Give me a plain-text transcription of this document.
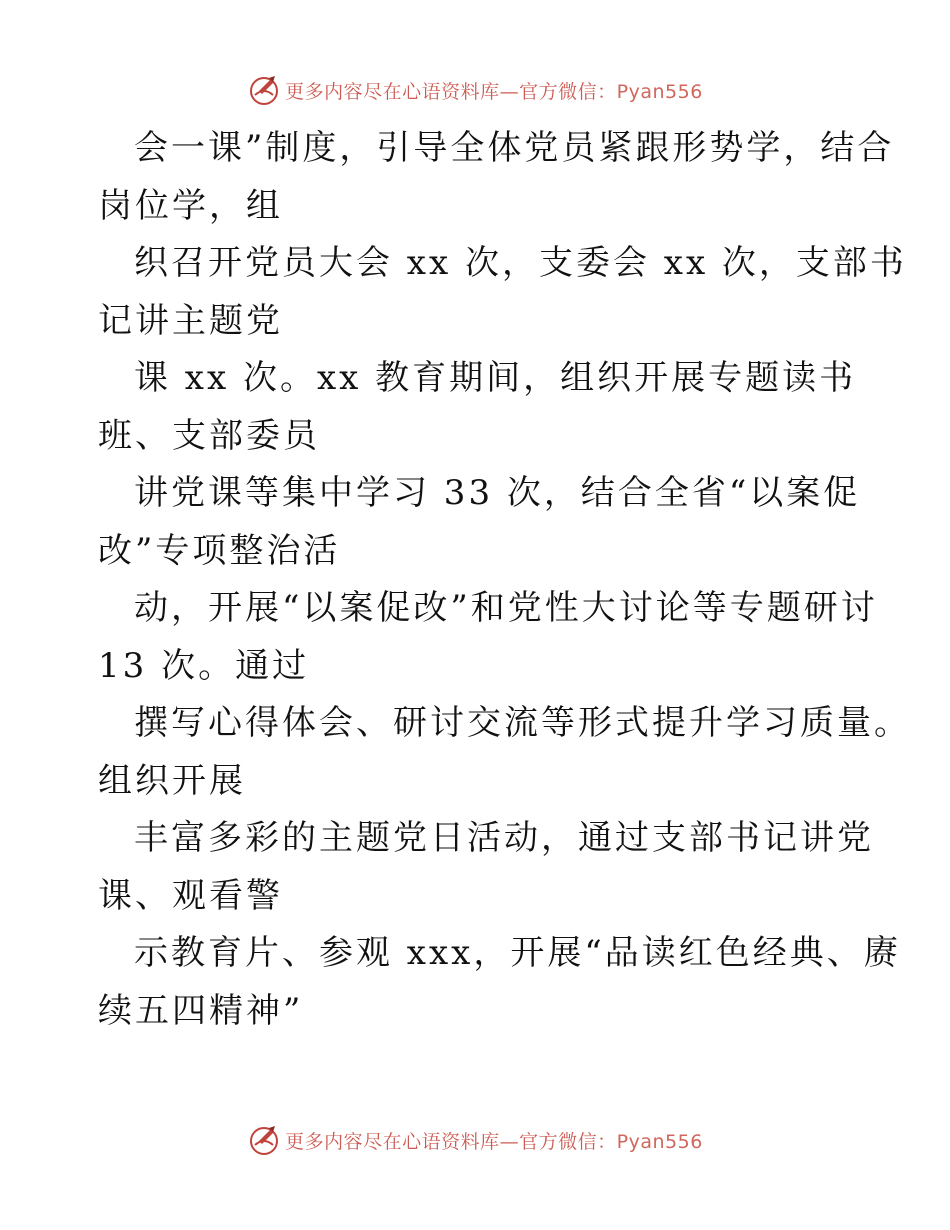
更多内容尽在心语资料库—官方微信：Pyan556
会一课”制度，引导全体党员紧跟形势学，结合
岗位学，组
织召开党员大会 xx 次，支委会 xx 次，支部书
记讲主题党
课 xx 次。xx 教育期间，组织开展专题读书
班、支部委员
讲党课等集中学习 33 次，结合全省“以案促
改”专项整治活
动，开展“以案促改”和党性大讨论等专题研讨
13 次。通过
撰写心得体会、研讨交流等形式提升学习质量。
组织开展
丰富多彩的主题党日活动，通过支部书记讲党
课、观看警
示教育片、参观 xxx，开展“品读红色经典、赓
续五四精神”
更多内容尽在心语资料库—官方微信：Pyan556
